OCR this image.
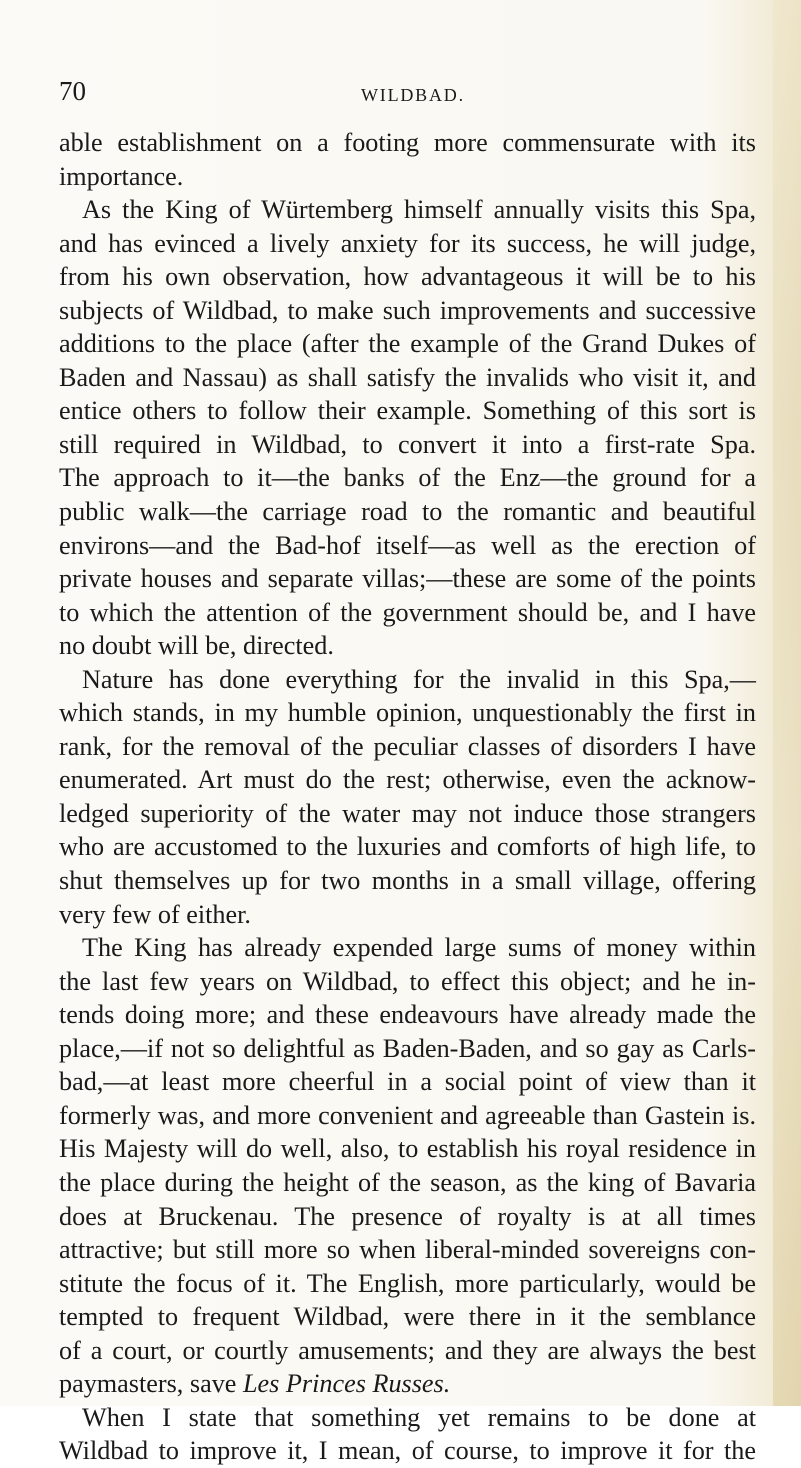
70	WILDBAD.
able establishment on a footing more commensurate with its
importance.
As the King of Würtemberg himself annually visits this Spa,
and has evinced a lively anxiety for its success, he will judge,
from his own observation, how advantageous it will be to his
subjects of Wildbad, to make such improvements and successive
additions to the place (after the example of the Grand Dukes of
Baden and Nassau) as shall satisfy the invalids who visit it, and
entice others to follow their example. Something of this sort is
still required in Wildbad, to convert it into a first-rate Spa.
The approach to it—the banks of the Enz—the ground for a
public walk—the carriage road to the romantic and beautiful
environs—and the Bad-hof itself—as well as the erection of
private houses and separate villas;—these are some of the points
to which the attention of the government should be, and I have
no doubt will be, directed.
Nature has done everything for the invalid in this Spa,—
which stands, in my humble opinion, unquestionably the first in
rank, for the removal of the peculiar classes of disorders I have
enumerated. Art must do the rest; otherwise, even the acknow-
ledged superiority of the water may not induce those strangers
who are accustomed to the luxuries and comforts of high life, to
shut themselves up for two months in a small village, offering
very few of either.
The King has already expended large sums of money within
the last few years on Wildbad, to effect this object; and he in-
tends doing more; and these endeavours have already made the
place,—if not so delightful as Baden-Baden, and so gay as Carls-
bad,—at least more cheerful in a social point of view than it
formerly was, and more convenient and agreeable than Gastein is.
His Majesty will do well, also, to establish his royal residence in
the place during the height of the season, as the king of Bavaria
does at Bruckenau. The presence of royalty is at all times
attractive; but still more so when liberal-minded sovereigns con-
stitute the focus of it. The English, more particularly, would be
tempted to frequent Wildbad, were there in it the semblance
of a court, or courtly amusements; and they are always the best
paymasters, save Les Princes Russes.
When I state that something yet remains to be done at
Wildbad to improve it, I mean, of course, to improve it for the
